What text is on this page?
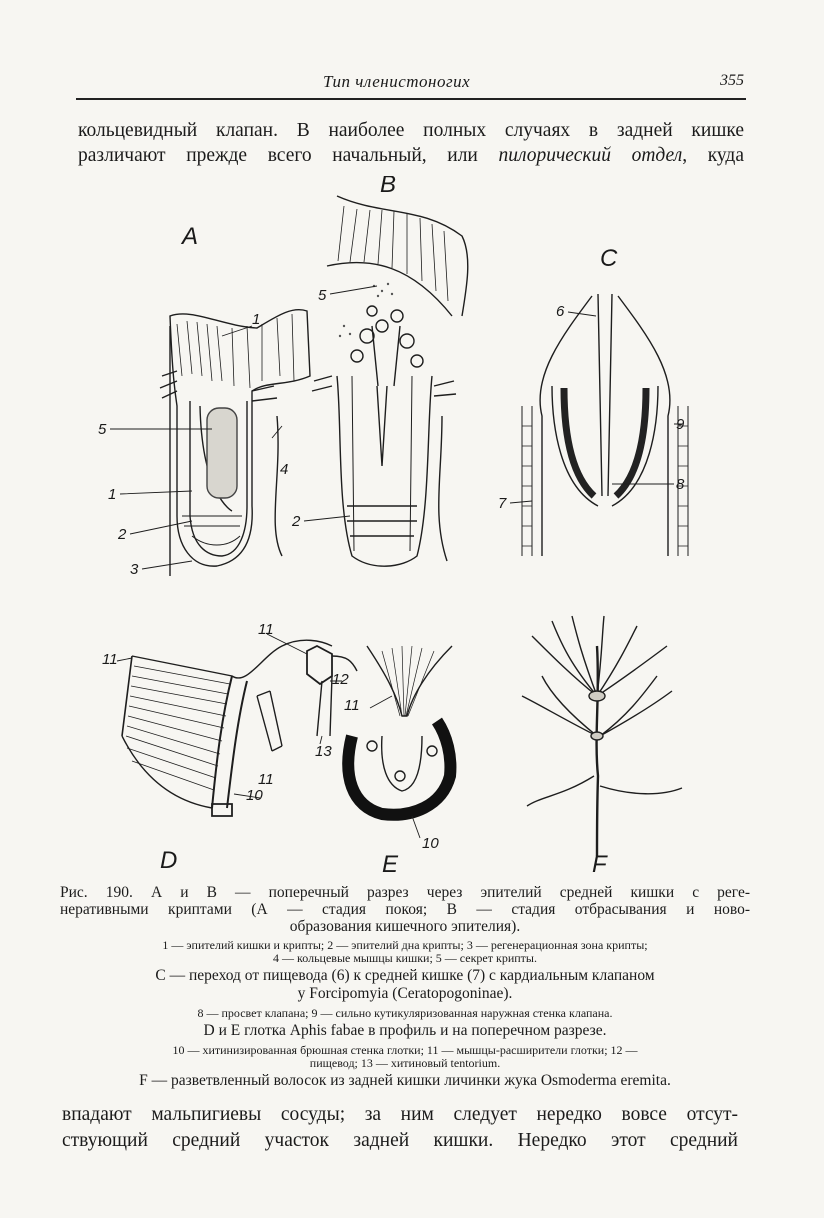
Тип членистоногих	355
кольцевидный клапан. В наиболее полных случаях в задней кишке
различают прежде всего начальный, или пилорический отдел, куда
A
B
C
D	E	F
1
5
1
4
2
3
5
2
6
9
8
7
11
11
12
13
11
10
11
10
Рис. 190. А и В — поперечный разрез через эпителий средней кишки с реге-
неративными криптами (А — стадия покоя; В — стадия отбрасывания и ново-
образования кишечного эпителия).
1 — эпителий кишки и крипты; 2 — эпителий дна крипты; 3 — регенерационная зона крипты;
4 — кольцевые мышцы кишки; 5 — секрет крипты.
С — переход от пищевода (6) к средней кишке (7) с кардиальным клапаном
у Forcipomyia (Ceratopogoninae).
8 — просвет клапана; 9 — сильно кутикуляризованная наружная стенка клапана.
D и E глотка Aphis fabae в профиль и на поперечном разрезе.
10 — хитинизированная брюшная стенка глотки; 11 — мышцы-расширители глотки; 12 —
пищевод; 13 — хитиновый tentorium.
F — разветвленный волосок из задней кишки личинки жука Osmoderma eremita.
впадают мальпигиевы сосуды; за ним следует нередко вовсе отсут-
ствующий средний участок задней кишки. Нередко этот средний
